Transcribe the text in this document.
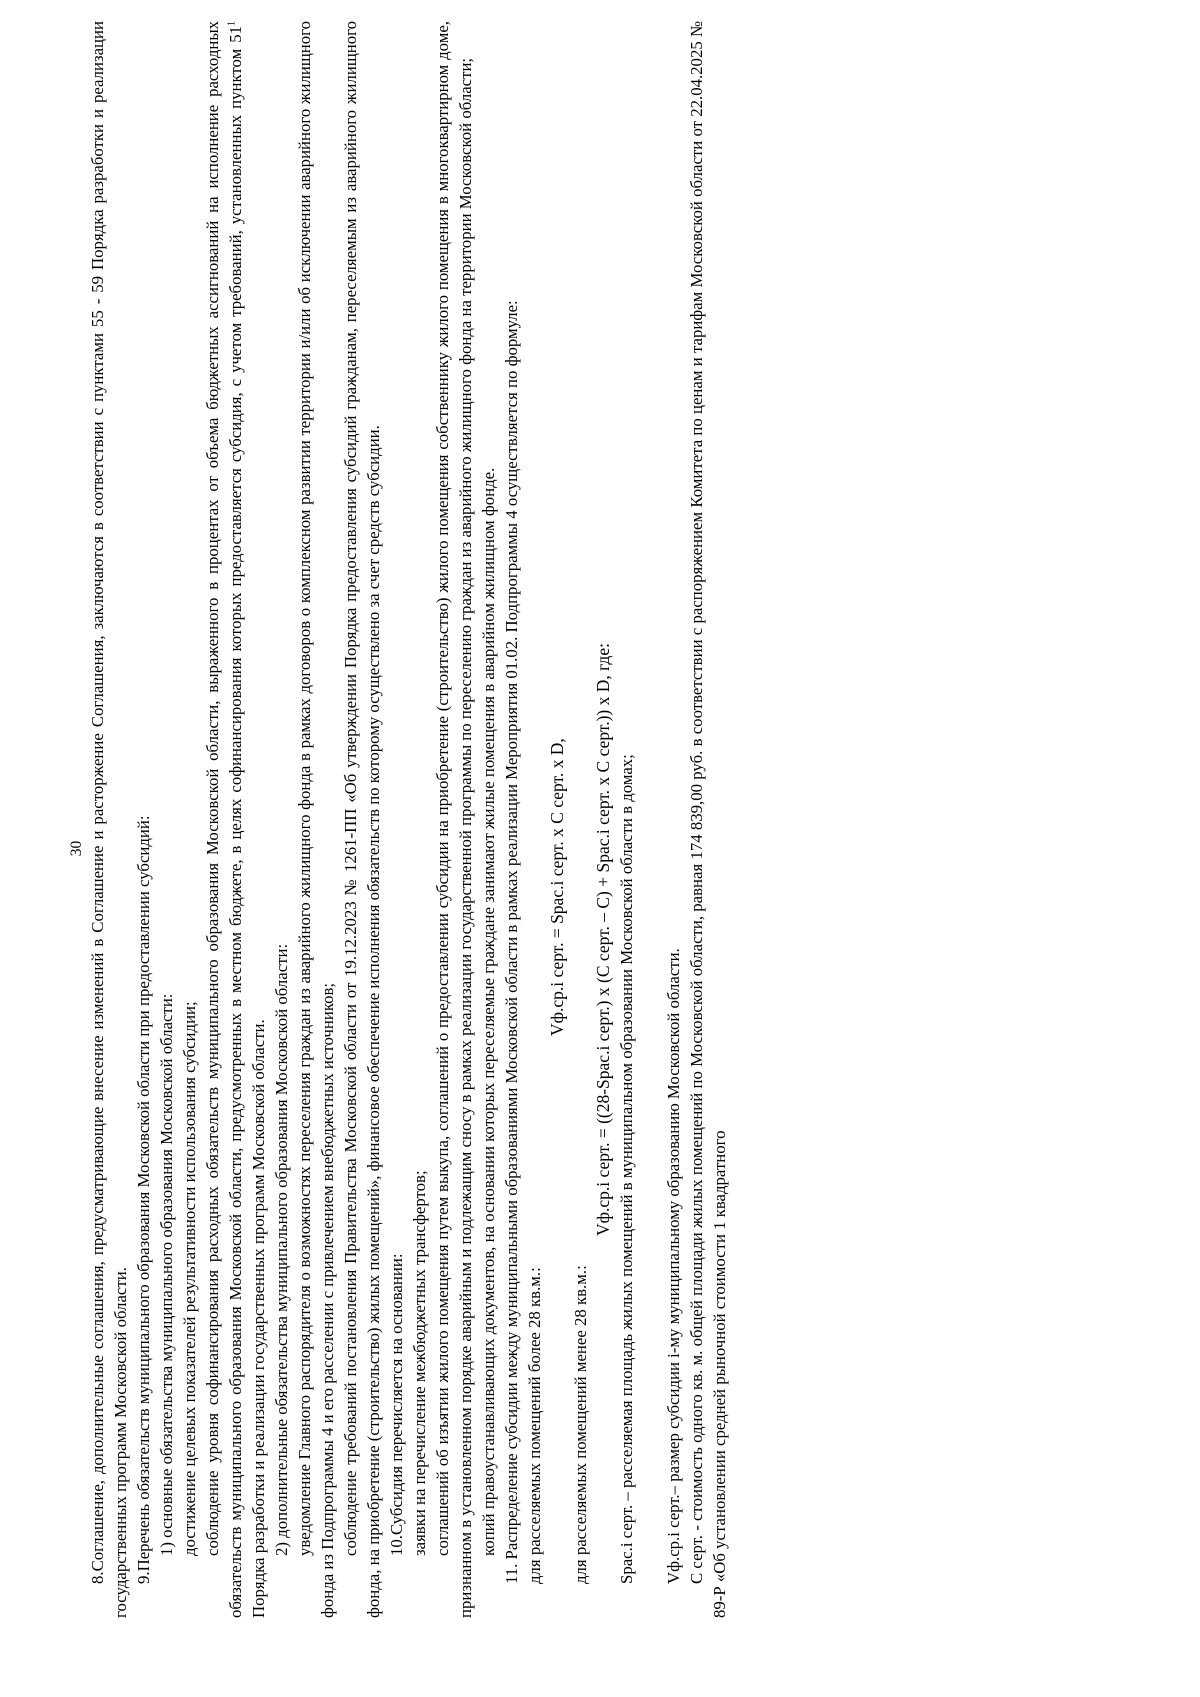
30 8.Соглашение, дополнительные соглашения, предусматривающие внесение изменений в Соглашение и расторжение Соглашения, заключаются в соответствии с пунктами 55 - 59 Порядка разработки и реализации государственных программ Московской области. 9.Перечень обязательств муниципального образования Московской области при предоставлении субсидий: 1) основные обязательства муниципального образования Московской области: достижение целевых показателей результативности использования субсидии; соблюдение уровня софинансирования расходных обязательств муниципального образования Московской области, выраженного в процентах от объема бюджетных ассигнований на исполнение расходных обязательств муниципального образования Московской области, предусмотренных в местном бюджете, в целях софинансирования которых предоставляется субсидия, с учетом требований, установленных пунктом $51^1$ Порядка разработки и реализации государственных программ Московской области. 2) дополнительные обязательства муниципального образования Московской области: уведомление Главного распорядителя о возможностях переселения граждан из аварийного жилищного фонда в рамках договоров о комплексном развитии территории и/или об исключении аварийного жилищного фонда из Подпрограммы 4 и его расселении с привлечением внебюджетных источников; соблюдение требований постановления Правительства Московской области от 19.12.2023 № 1261-ПП «Об утверждении Порядка предоставления субсидий гражданам, переселяемым из аварийного жилищного фонда, на приобретение (строительство) жилых помещений», финансовое обеспечение исполнения обязательств по которому осуществлено за счет средств субсидии. 10.Субсидия перечисляется на основании: заявки на перечисление межбюджетных трансфертов; соглашений об изъятии жилого помещения путем выкупа, соглашений о предоставлении субсидии на приобретение (строительство) жилого помещения собственнику жилого помещения в многоквартирном доме, признанном в установленном порядке аварийным и подлежащим сносу в рамках реализации государственной программы по переселению граждан из аварийного жилищного фонда на территории Московской области; копий правоустанавливающих документов, на основании которых переселяемые граждане занимают жилые помещения в аварийном жилищном фонде. 11. Распределение субсидии между муниципальными образованиями Московской области в рамках реализации Мероприятия 01.02. Подпрограммы 4 осуществляется по формуле: для расселяемых помещений более 28 кв.м.:

Vф.ср.i серт. = Spac.i серт. х С серт. х D,

для расселяемых помещений менее 28 кв.м.:

Vф.ср.i серт. = ((28-Spac.i серт.) х (С серт. – С) + Spac.i серт. х С серт.)) х D, где: Spac.i серт. – расселяемая площадь жилых помещений в муниципальном образовании Московской области в домах; Vф.ср.i серт.– размер субсидии i-му муниципальному образованию Московской области. С серт. - стоимость одного кв. м. общей площади жилых помещений по Московской области, равная 174 839,00 руб. в соответствии с распоряжением Комитета по ценам и тарифам Московской области от 22.04.2025 № 89-Р «Об установлении средней рыночной стоимости 1 квадратного
